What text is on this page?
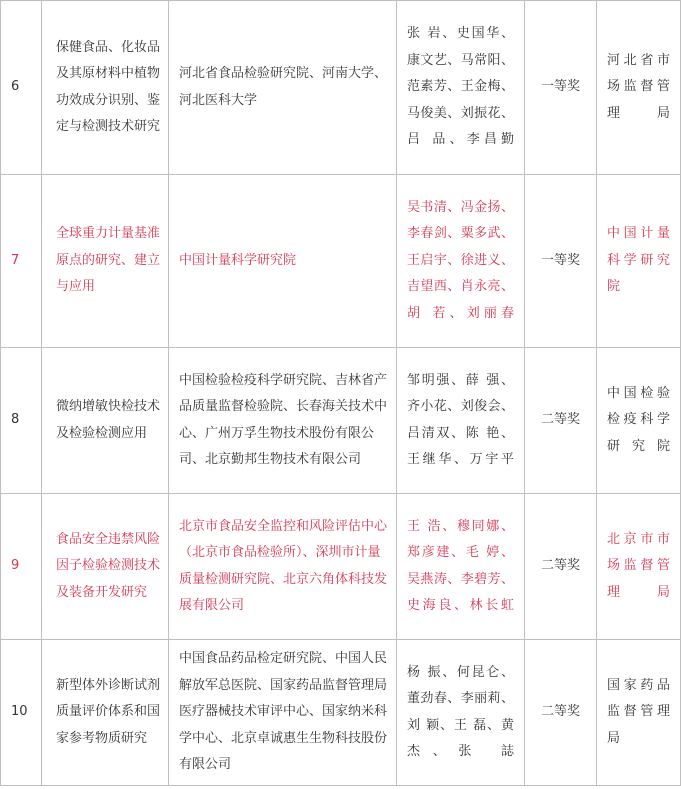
6	保健食品、化妆品及其原材料中植物功效成分识别、鉴定与检测技术研究	河北省食品检验研究院、河南大学、河北医科大学	张 岩、史国华、康文艺、马常阳、范素芳、王金梅、马俊美、刘振花、吕 品、李昌勤	一等奖	河北省市场监督管理局

7	全球重力计量基准原点的研究、建立与应用	中国计量科学研究院	吴书清、冯金扬、李春剑、粟多武、王启宇、徐进义、吉望西、肖永亮、胡 若、刘丽春	一等奖	中国计量科学研究院

8	微纳增敏快检技术及检验检测应用	中国检验检疫科学研究院、吉林省产品质量监督检验院、长春海关技术中心、广州万孚生物技术股份有限公司、北京勤邦生物技术有限公司	邹明强、薛 强、齐小花、刘俊会、吕清双、陈 艳、王继华、万宇平	二等奖	中国检验检疫科学研究院

9	食品安全违禁风险因子检验检测技术及装备开发研究	北京市食品安全监控和风险评估中心（北京市食品检验所）、深圳市计量质量检测研究院、北京六角体科技发展有限公司	王 浩、穆同娜、郑彦建、毛 婷、吴燕涛、李碧芳、史海良、林长虹	二等奖	北京市市场监督管理局

10	新型体外诊断试剂质量评价体系和国家参考物质研究	中国食品药品检定研究院、中国人民解放军总医院、国家药品监督管理局医疗器械技术审评中心、国家纳米科学中心、北京卓诚惠生生物科技股份有限公司	杨 振、何昆仑、董劲春、李丽莉、刘 颖、王 磊、黄 杰、张 誌	二等奖	国家药品监督管理局
